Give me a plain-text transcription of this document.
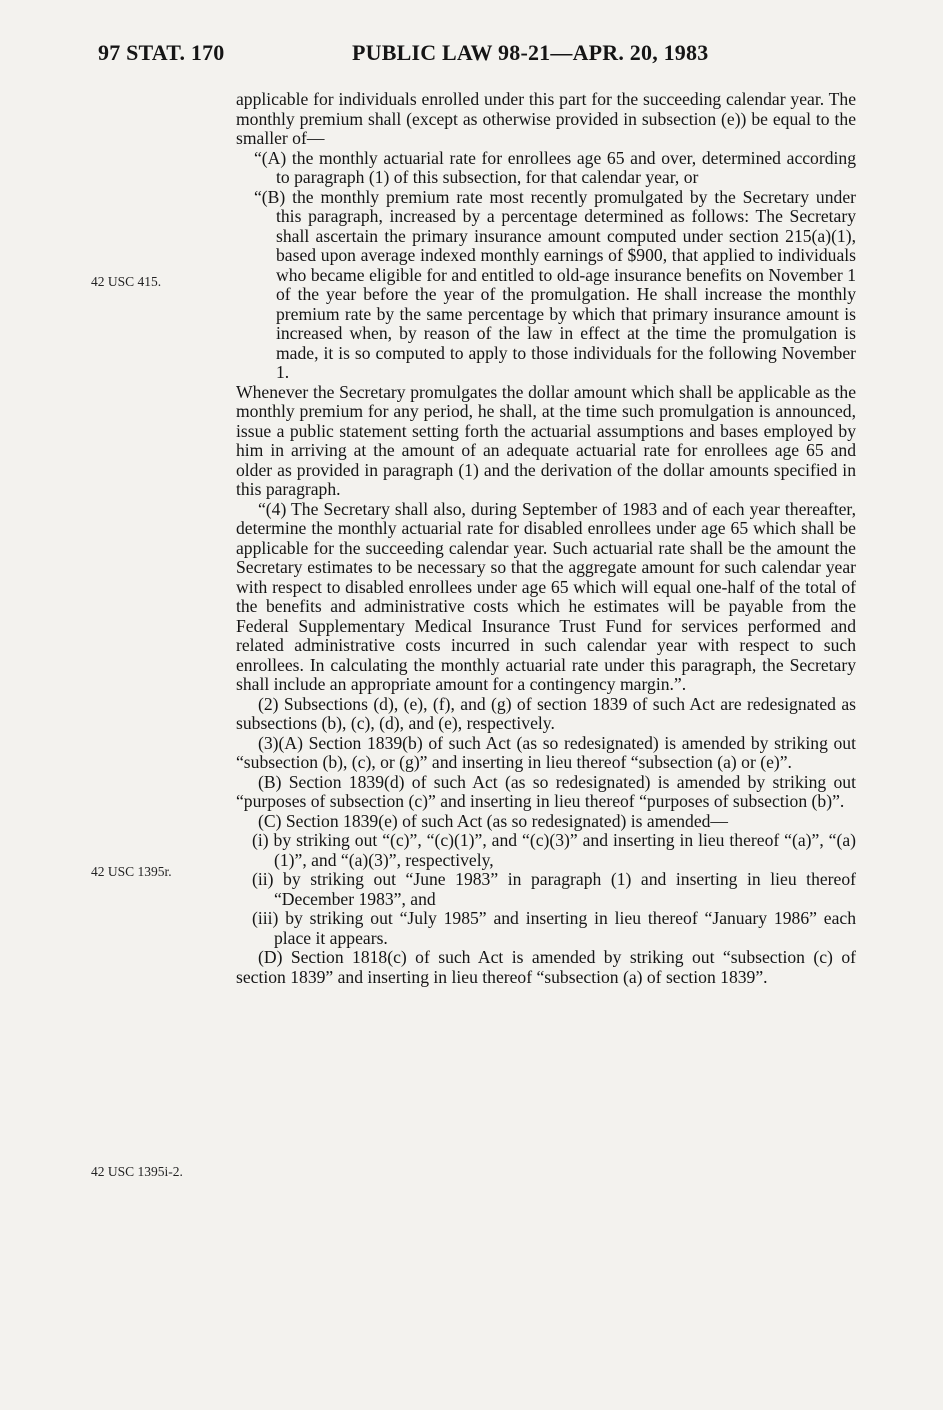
97 STAT. 170	PUBLIC LAW 98-21—APR. 20, 1983
42 USC 415.
42 USC 1395r.
42 USC 1395i-2.

applicable for individuals enrolled under this part for the succeeding calendar year. The monthly premium shall (except as otherwise provided in subsection (e)) be equal to the smaller of—

“(A) the monthly actuarial rate for enrollees age 65 and over, determined according to paragraph (1) of this subsection, for that calendar year, or

“(B) the monthly premium rate most recently promulgated by the Secretary under this paragraph, increased by a percentage determined as follows: The Secretary shall ascertain the primary insurance amount computed under section 215(a)(1), based upon average indexed monthly earnings of $900, that applied to individuals who became eligible for and entitled to old-age insurance benefits on November 1 of the year before the year of the promulgation. He shall increase the monthly premium rate by the same percentage by which that primary insurance amount is increased when, by reason of the law in effect at the time the promulgation is made, it is so computed to apply to those individuals for the following November 1.

Whenever the Secretary promulgates the dollar amount which shall be applicable as the monthly premium for any period, he shall, at the time such promulgation is announced, issue a public statement setting forth the actuarial assumptions and bases employed by him in arriving at the amount of an adequate actuarial rate for enrollees age 65 and older as provided in paragraph (1) and the derivation of the dollar amounts specified in this paragraph.

“(4) The Secretary shall also, during September of 1983 and of each year thereafter, determine the monthly actuarial rate for disabled enrollees under age 65 which shall be applicable for the succeeding calendar year. Such actuarial rate shall be the amount the Secretary estimates to be necessary so that the aggregate amount for such calendar year with respect to disabled enrollees under age 65 which will equal one-half of the total of the benefits and administrative costs which he estimates will be payable from the Federal Supplementary Medical Insurance Trust Fund for services performed and related administrative costs incurred in such calendar year with respect to such enrollees. In calculating the monthly actuarial rate under this paragraph, the Secretary shall include an appropriate amount for a contingency margin.”.

(2) Subsections (d), (e), (f), and (g) of section 1839 of such Act are redesignated as subsections (b), (c), (d), and (e), respectively.

(3)(A) Section 1839(b) of such Act (as so redesignated) is amended by striking out “subsection (b), (c), or (g)” and inserting in lieu thereof “subsection (a) or (e)”.

(B) Section 1839(d) of such Act (as so redesignated) is amended by striking out “purposes of subsection (c)” and inserting in lieu thereof “purposes of subsection (b)”.

(C) Section 1839(e) of such Act (as so redesignated) is amended—

(i) by striking out “(c)”, “(c)(1)”, and “(c)(3)” and inserting in lieu thereof “(a)”, “(a)(1)”, and “(a)(3)”, respectively,

(ii) by striking out “June 1983” in paragraph (1) and inserting in lieu thereof “December 1983”, and

(iii) by striking out “July 1985” and inserting in lieu thereof “January 1986” each place it appears.

(D) Section 1818(c) of such Act is amended by striking out “subsection (c) of section 1839” and inserting in lieu thereof “subsection (a) of section 1839”.
